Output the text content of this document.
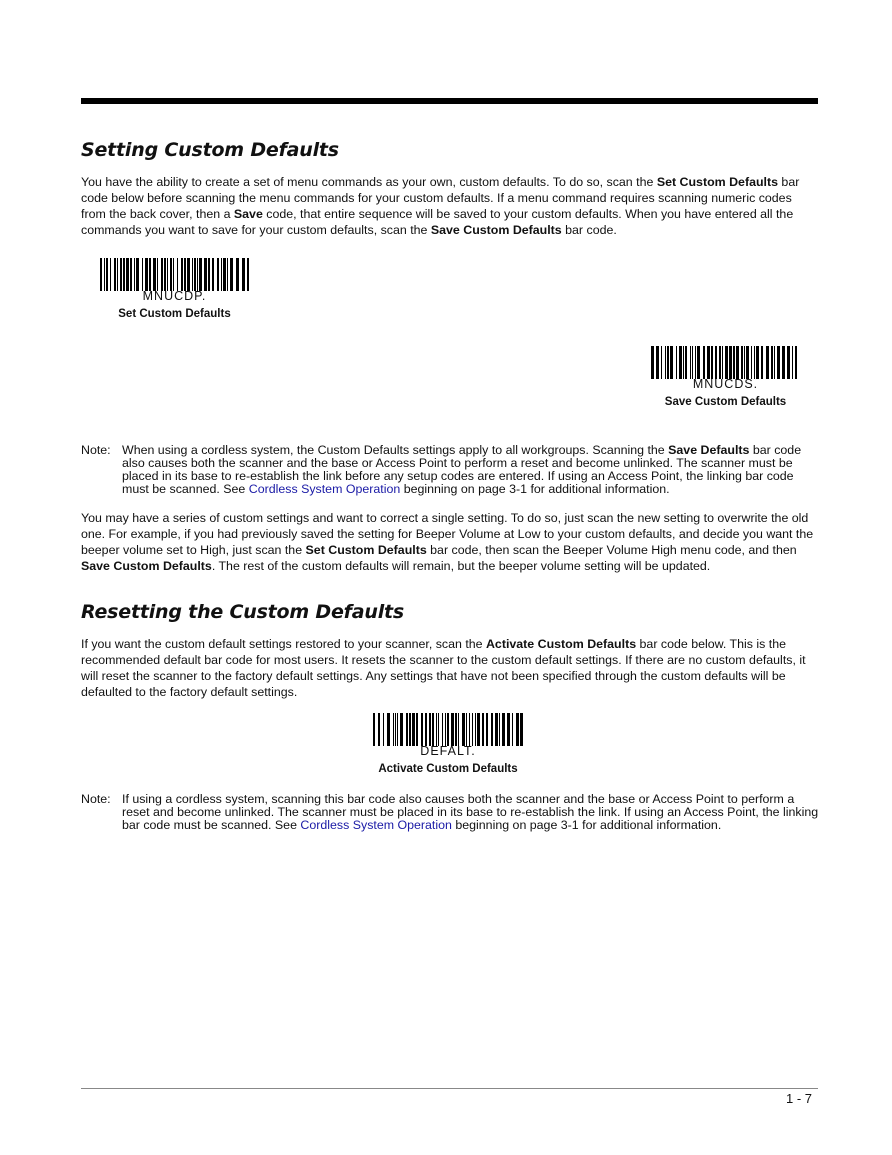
Setting Custom Defaults

You have the ability to create a set of menu commands as your own, custom defaults. To do so, scan the Set Custom Defaults bar code below before scanning the menu commands for your custom defaults. If a menu command requires scanning numeric codes from the back cover, then a Save code, that entire sequence will be saved to your custom defaults. When you have entered all the commands you want to save for your custom defaults, scan the Save Custom Defaults bar code.

MNUCDP.
Set Custom Defaults
MNUCDS.
Save Custom Defaults
Note: When using a cordless system, the Custom Defaults settings apply to all workgroups. Scanning the Save Defaults bar code also causes both the scanner and the base or Access Point to perform a reset and become unlinked. The scanner must be placed in its base to re-establish the link before any setup codes are entered. If using an Access Point, the linking bar code must be scanned. See Cordless System Operation beginning on page 3-1 for additional information.

You may have a series of custom settings and want to correct a single setting. To do so, just scan the new setting to overwrite the old one. For example, if you had previously saved the setting for Beeper Volume at Low to your custom defaults, and decide you want the beeper volume set to High, just scan the Set Custom Defaults bar code, then scan the Beeper Volume High menu code, and then Save Custom Defaults. The rest of the custom defaults will remain, but the beeper volume setting will be updated.

Resetting the Custom Defaults

If you want the custom default settings restored to your scanner, scan the Activate Custom Defaults bar code below. This is the recommended default bar code for most users. It resets the scanner to the custom default settings. If there are no custom defaults, it will reset the scanner to the factory default settings. Any settings that have not been specified through the custom defaults will be defaulted to the factory default settings.

DEFALT.
Activate Custom Defaults
Note: If using a cordless system, scanning this bar code also causes both the scanner and the base or Access Point to perform a reset and become unlinked. The scanner must be placed in its base to re-establish the link. If using an Access Point, the linking bar code must be scanned. See Cordless System Operation beginning on page 3-1 for additional information.
1 - 7
